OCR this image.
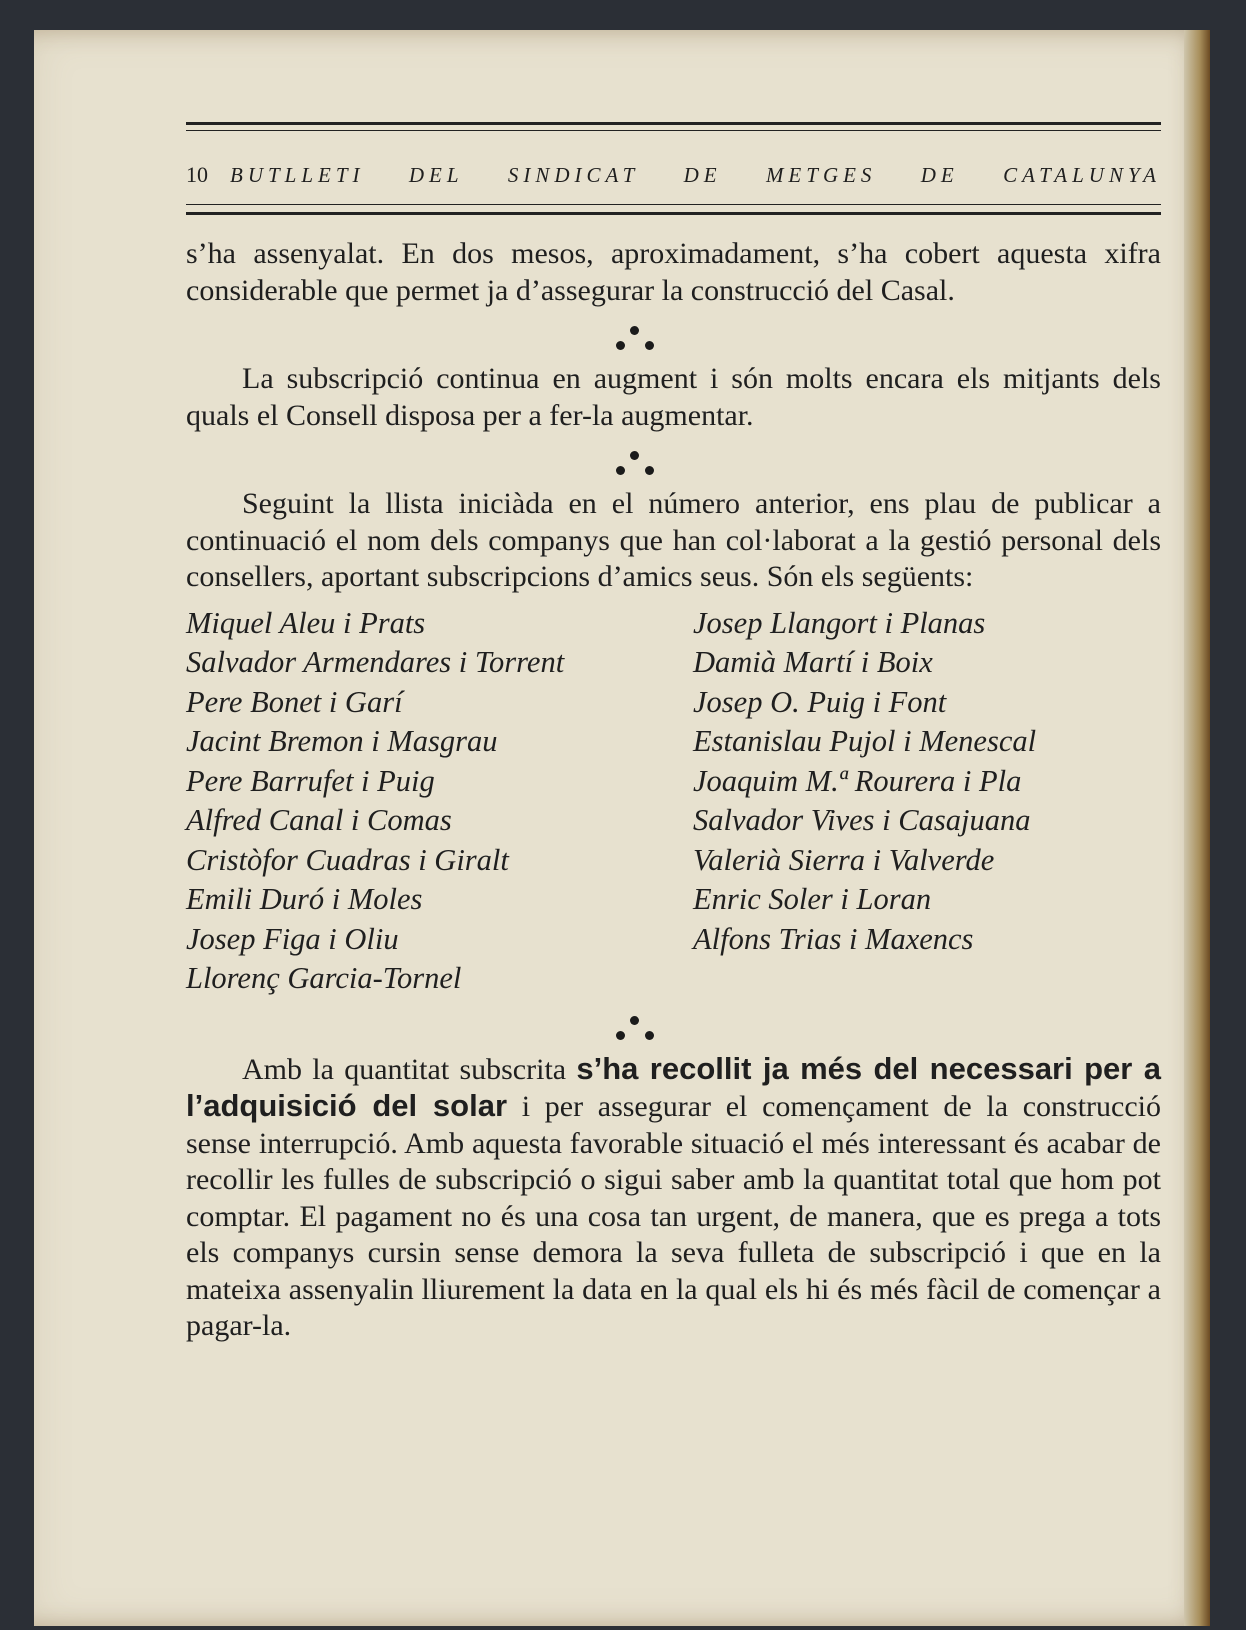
10 BUTLLETI DEL SINDICAT DE METGES DE CATALUNYA

s’ha assenyalat. En dos mesos, aproximadament, s’ha cobert aquesta xifra considerable que permet ja d’assegurar la construcció del Casal.

La subscripció continua en augment i són molts encara els mitjants dels quals el Consell disposa per a fer-la augmentar.

Seguint la llista iniciàda en el número anterior, ens plau de publicar a continuació el nom dels companys que han col·laborat a la gestió personal dels consellers, aportant subscripcions d’amics seus. Són els següents:

Miquel Aleu i Prats
Salvador Armendares i Torrent
Pere Bonet i Garí
Jacint Bremon i Masgrau
Pere Barrufet i Puig
Alfred Canal i Comas
Cristòfor Cuadras i Giralt
Emili Duró i Moles
Josep Figa i Oliu
Llorenç Garcia-Tornel
Josep Llangort i Planas
Damià Martí i Boix
Josep O. Puig i Font
Estanislau Pujol i Menescal
Joaquim M.ª Rourera i Pla
Salvador Vives i Casajuana
Valerià Sierra i Valverde
Enric Soler i Loran
Alfons Trias i Maxencs

Amb la quantitat subscrita s’ha recollit ja més del necessari per a l’adquisició del solar i per assegurar el començament de la construcció sense interrupció. Amb aquesta favorable situació el més interessant és acabar de recollir les fulles de subscripció o sigui saber amb la quantitat total que hom pot comptar. El pagament no és una cosa tan urgent, de manera, que es prega a tots els companys cursin sense demora la seva fulleta de subscripció i que en la mateixa assenyalin lliurement la data en la qual els hi és més fàcil de començar a pagar-la.
